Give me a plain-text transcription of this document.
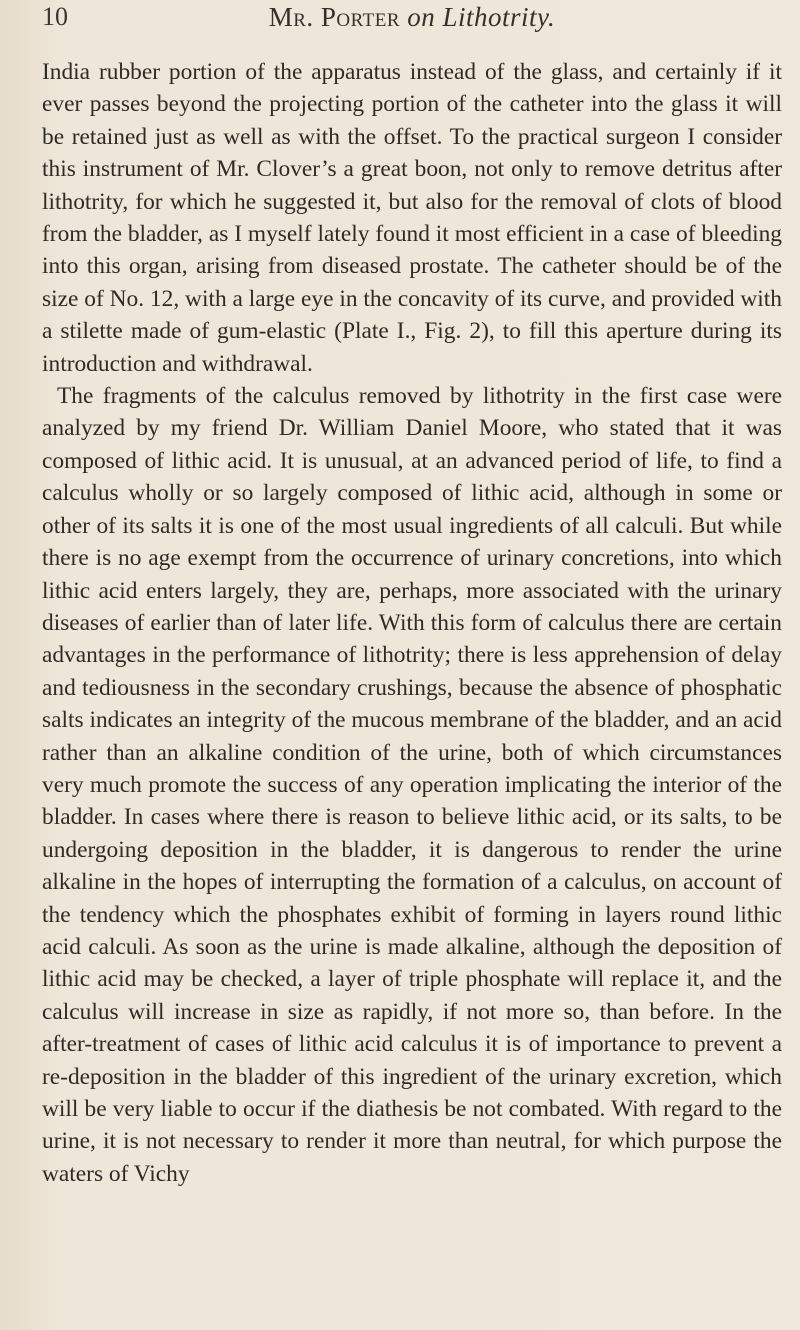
10	Mr. Porter on Lithotrity.

India rubber portion of the apparatus instead of the glass, and certainly if it ever passes beyond the projecting portion of the catheter into the glass it will be retained just as well as with the offset. To the practical surgeon I consider this instrument of Mr. Clover’s a great boon, not only to remove detritus after lithotrity, for which he suggested it, but also for the removal of clots of blood from the bladder, as I myself lately found it most efficient in a case of bleeding into this organ, arising from diseased prostate. The catheter should be of the size of No. 12, with a large eye in the concavity of its curve, and provided with a stilette made of gum-elastic (Plate I., Fig. 2), to fill this aperture during its introduction and withdrawal.

The fragments of the calculus removed by lithotrity in the first case were analyzed by my friend Dr. William Daniel Moore, who stated that it was composed of lithic acid. It is unusual, at an advanced period of life, to find a calculus wholly or so largely composed of lithic acid, although in some or other of its salts it is one of the most usual ingredients of all calculi. But while there is no age exempt from the occurrence of urinary concretions, into which lithic acid enters largely, they are, perhaps, more associated with the urinary diseases of earlier than of later life. With this form of calculus there are certain advantages in the performance of lithotrity; there is less apprehension of delay and tediousness in the secondary crushings, because the absence of phosphatic salts indicates an integrity of the mucous membrane of the bladder, and an acid rather than an alkaline condition of the urine, both of which circumstances very much promote the success of any operation implicating the interior of the bladder. In cases where there is reason to believe lithic acid, or its salts, to be undergoing deposition in the bladder, it is dangerous to render the urine alkaline in the hopes of interrupting the formation of a calculus, on account of the tendency which the phosphates exhibit of forming in layers round lithic acid calculi. As soon as the urine is made alkaline, although the deposition of lithic acid may be checked, a layer of triple phosphate will replace it, and the calculus will increase in size as rapidly, if not more so, than before. In the after-treatment of cases of lithic acid calculus it is of importance to prevent a re-deposition in the bladder of this ingredient of the urinary excretion, which will be very liable to occur if the diathesis be not combated. With regard to the urine, it is not necessary to render it more than neutral, for which purpose the waters of Vichy
